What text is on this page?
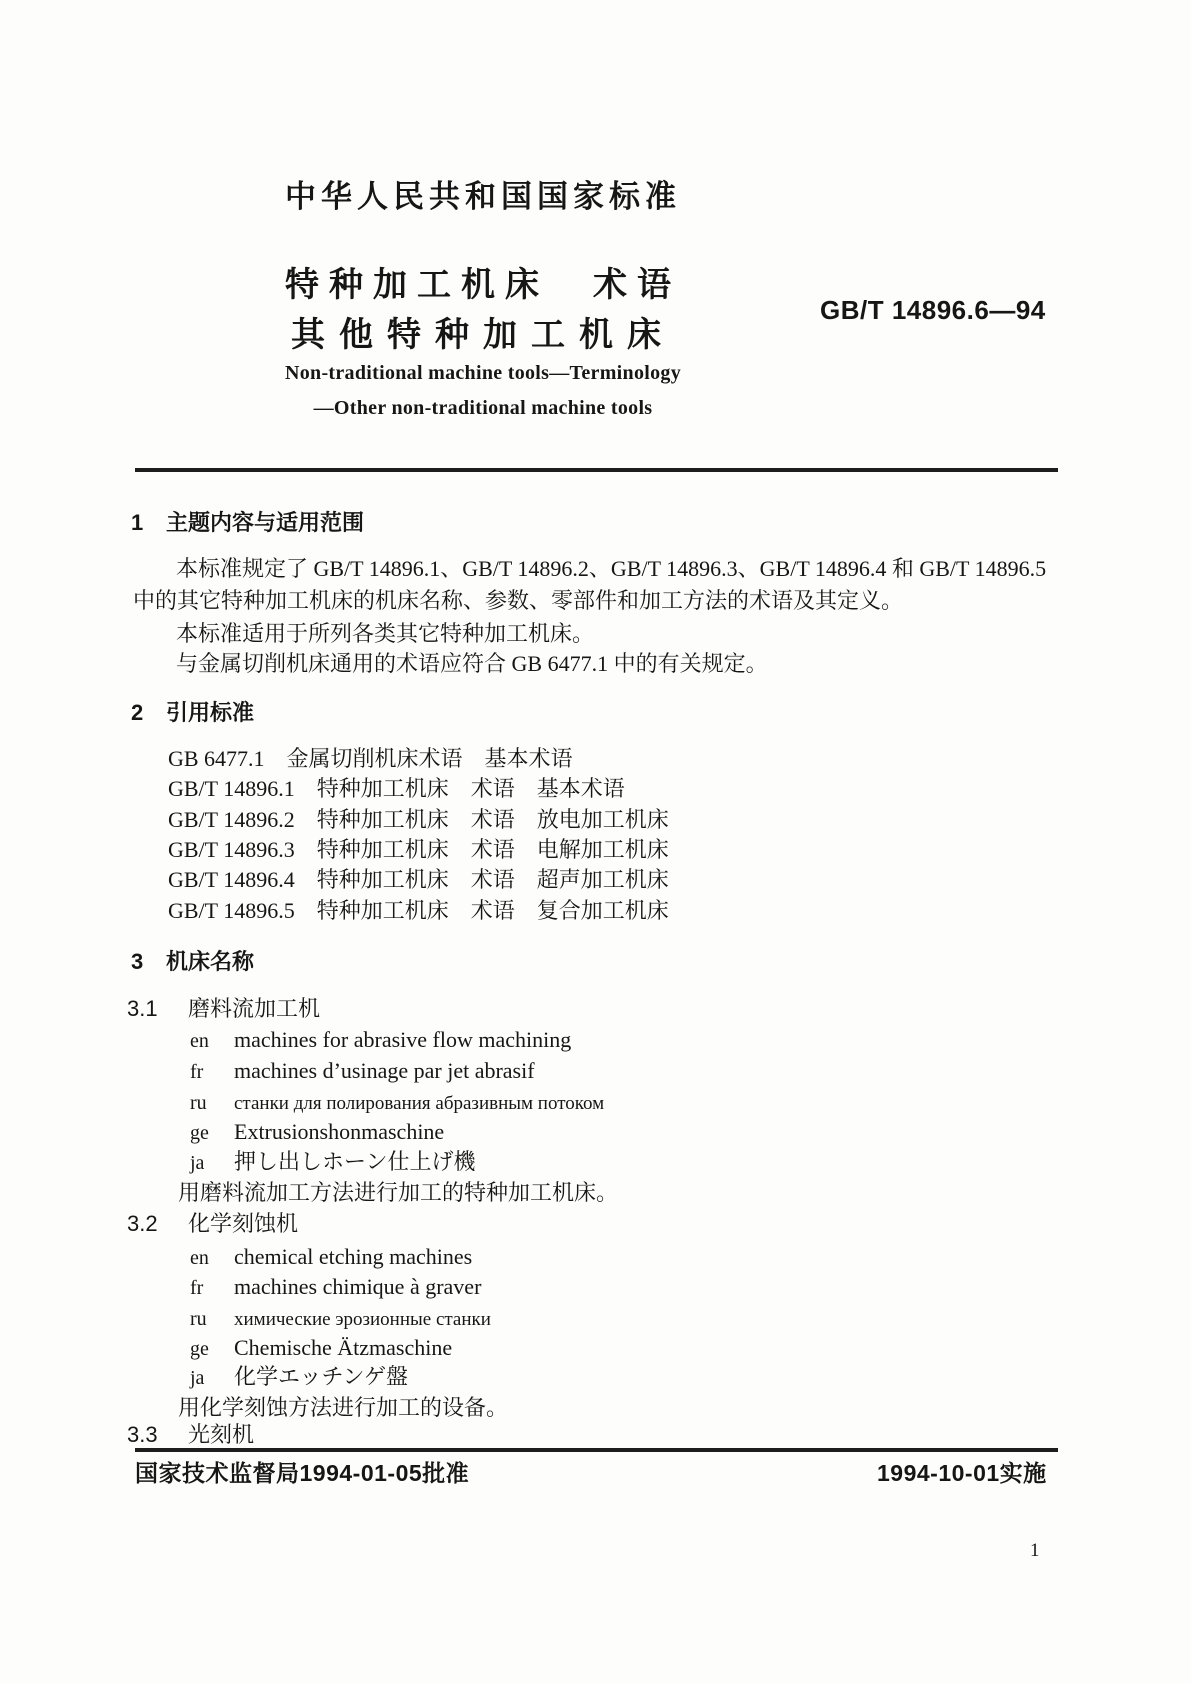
中华人民共和国国家标准
特种加工机床　术语
其他特种加工机床
GB/T 14896.6—94
Non-traditional machine tools—Terminology
—Other non-traditional machine tools
1 主题内容与适用范围
本标准规定了 GB/T 14896.1、GB/T 14896.2、GB/T 14896.3、GB/T 14896.4 和 GB/T 14896.5
中的其它特种加工机床的机床名称、参数、零部件和加工方法的术语及其定义。
本标准适用于所列各类其它特种加工机床。
与金属切削机床通用的术语应符合 GB 6477.1 中的有关规定。
2 引用标准
GB 6477.1　金属切削机床术语　基本术语
GB/T 14896.1　特种加工机床　术语　基本术语
GB/T 14896.2　特种加工机床　术语　放电加工机床
GB/T 14896.3　特种加工机床　术语　电解加工机床
GB/T 14896.4　特种加工机床　术语　超声加工机床
GB/T 14896.5　特种加工机床　术语　复合加工机床
3 机床名称
3.1 磨料流加工机
en machines for abrasive flow machining
fr machines d’usinage par jet abrasif
ru станки для полирования абразивным потоком
ge Extrusionshonmaschine
ja 押し出しホーン仕上げ機
用磨料流加工方法进行加工的特种加工机床。
3.2 化学刻蚀机
en chemical etching machines
fr machines chimique à graver
ru химические эрозионные станки
ge Chemische Ätzmaschine
ja 化学エッチンゲ盤
用化学刻蚀方法进行加工的设备。
3.3 光刻机
国家技术监督局1994-01-05批准	1994-10-01实施
1
